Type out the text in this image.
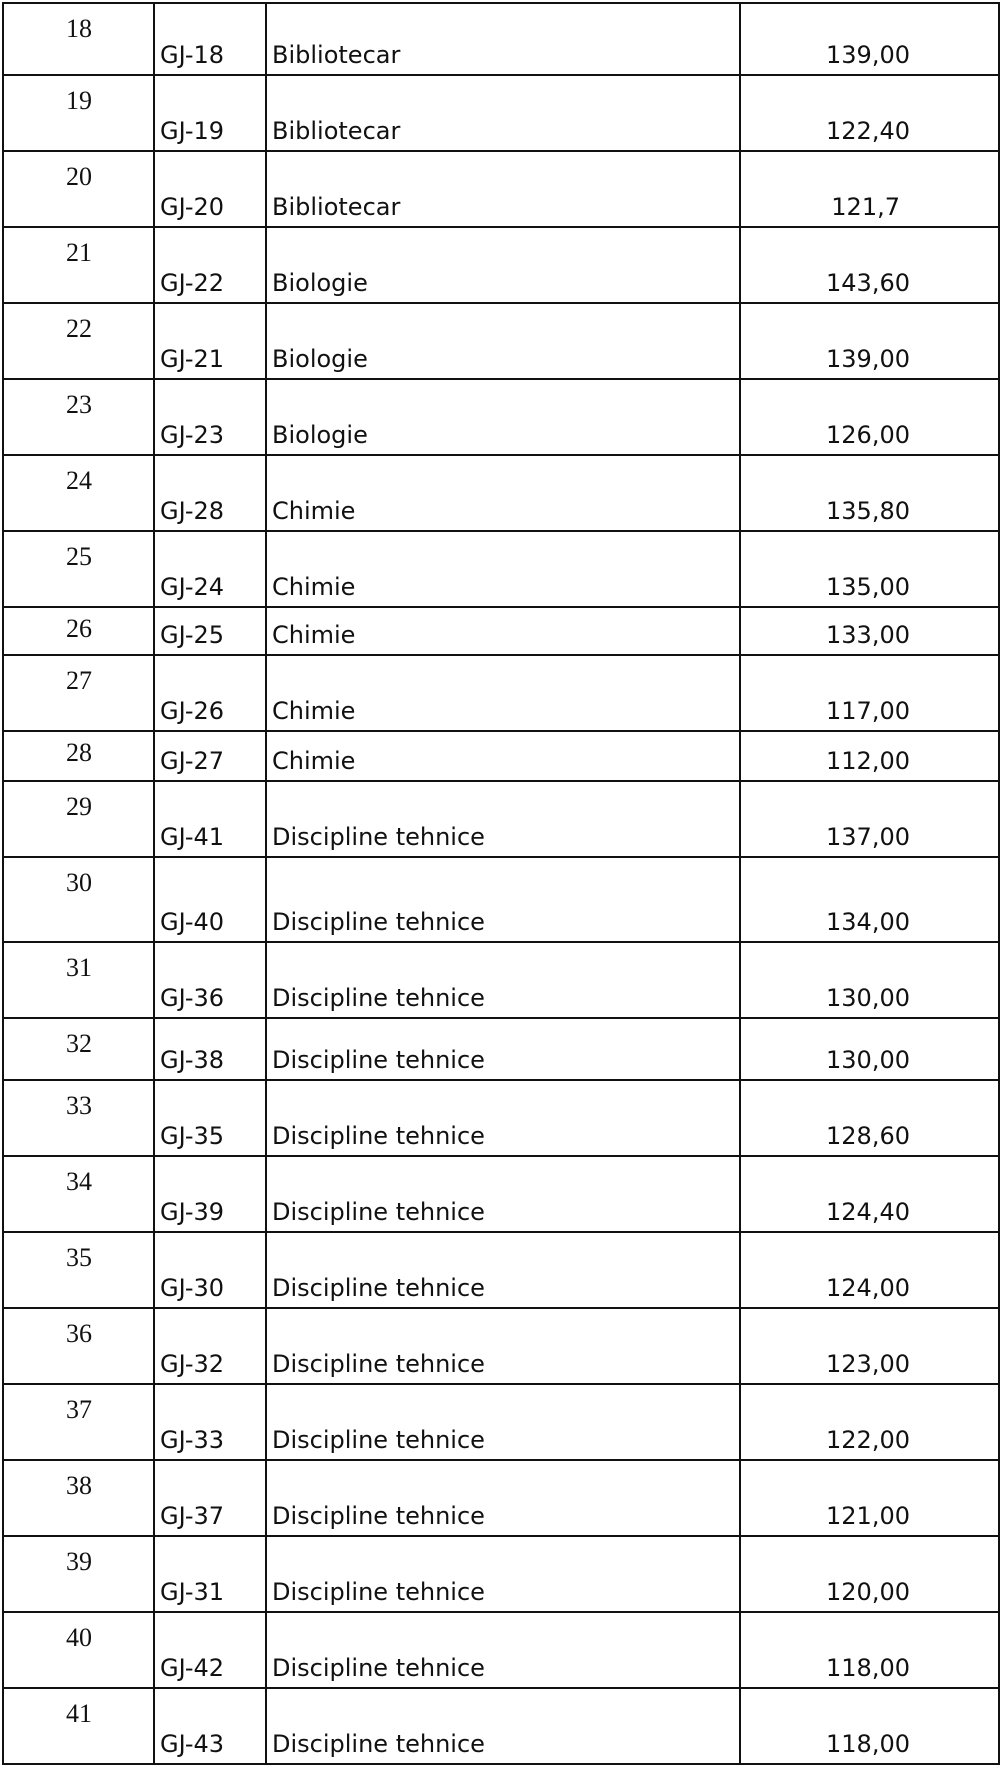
18	GJ-18	Bibliotecar	139,00

19	GJ-19	Bibliotecar	122,40

20	GJ-20	Bibliotecar	121,7

21	GJ-22	Biologie	143,60

22	GJ-21	Biologie	139,00

23	GJ-23	Biologie	126,00

24	GJ-28	Chimie	135,80

25	GJ-24	Chimie	135,00

26	GJ-25	Chimie	133,00

27	GJ-26	Chimie	117,00

28	GJ-27	Chimie	112,00

29	GJ-41	Discipline tehnice	137,00

30	GJ-40	Discipline tehnice	134,00

31	GJ-36	Discipline tehnice	130,00

32	GJ-38	Discipline tehnice	130,00

33	GJ-35	Discipline tehnice	128,60

34	GJ-39	Discipline tehnice	124,40

35	GJ-30	Discipline tehnice	124,00

36	GJ-32	Discipline tehnice	123,00

37	GJ-33	Discipline tehnice	122,00

38	GJ-37	Discipline tehnice	121,00

39	GJ-31	Discipline tehnice	120,00

40	GJ-42	Discipline tehnice	118,00

41	GJ-43	Discipline tehnice	118,00
